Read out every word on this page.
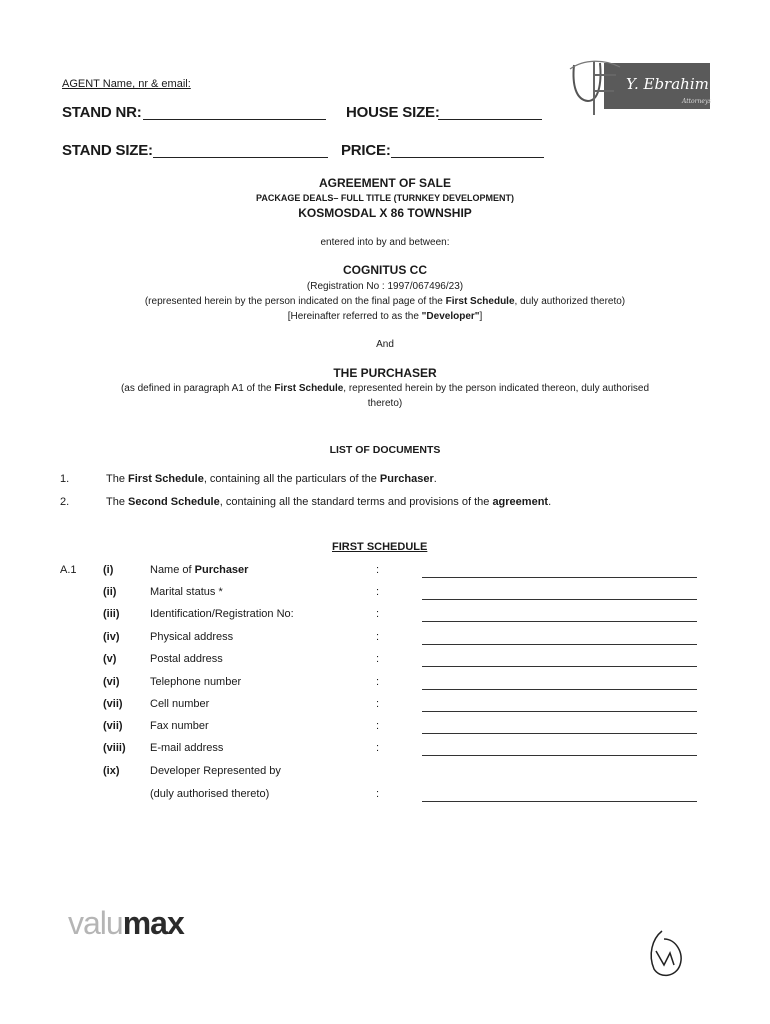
AGENT Name, nr & email:
STAND NR:	HOUSE SIZE:
STAND SIZE:	PRICE:
Y. Ebrahim
Attorneys
AGREEMENT OF SALE
PACKAGE DEALS– FULL TITLE (TURNKEY DEVELOPMENT)
KOSMOSDAL X 86 TOWNSHIP
entered into by and between:
COGNITUS CC
(Registration No : 1997/067496/23)
(represented herein by the person indicated on the final page of the First Schedule, duly authorized thereto)
[Hereinafter referred to as the "Developer"]
And
THE PURCHASER
(as defined in paragraph A1 of the First Schedule, represented herein by the person indicated thereon, duly authorised
thereto)
LIST OF DOCUMENTS
1.	The First Schedule, containing all the particulars of the Purchaser.
2.	The Second Schedule, containing all the standard terms and provisions of the agreement.
FIRST SCHEDULE
A.1 (i)	Name of Purchaser	:
(ii)	Marital status *	:
(iii)	Identification/Registration No:	:
(iv)	Physical address	:
(v)	Postal address	:
(vi)	Telephone number	:
(vii) Cell number	:
(vii) Fax number	:
(viii) E-mail address	:
(ix)	Developer Represented by
(duly authorised thereto)	:
valumax
